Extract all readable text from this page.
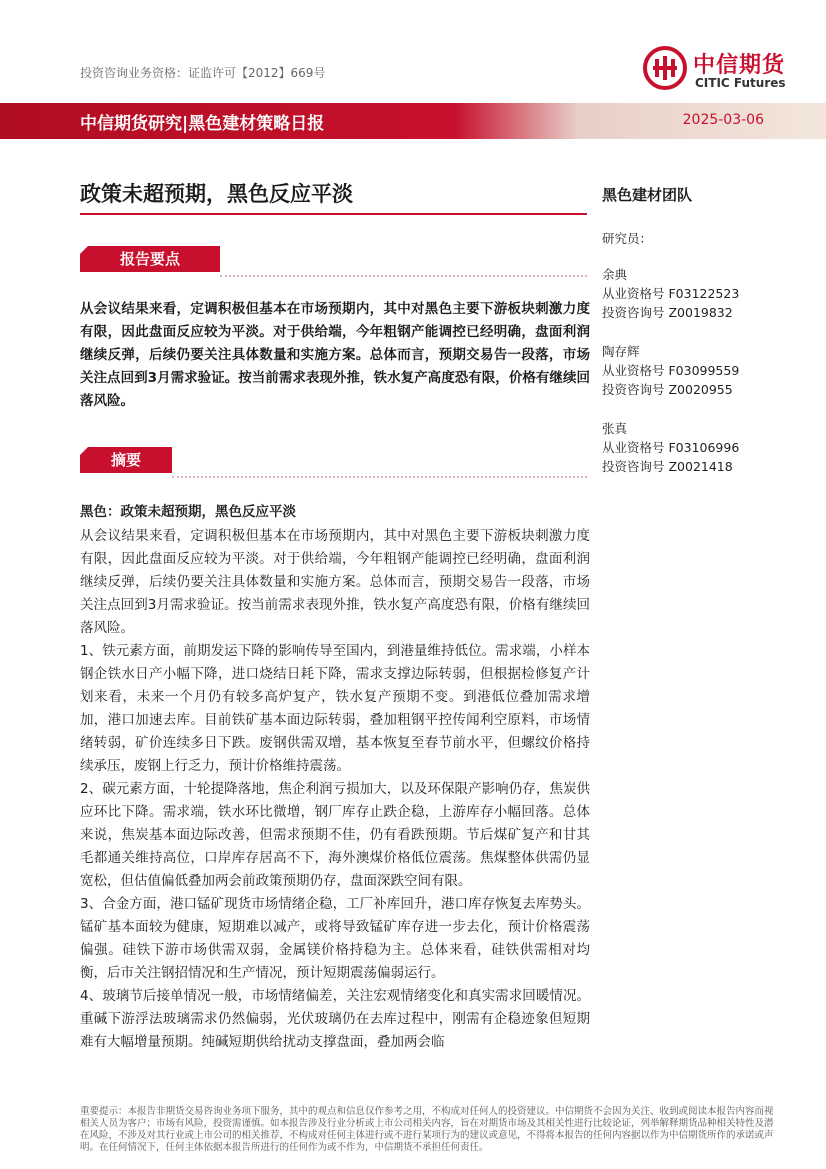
投资咨询业务资格：证监许可【2012】669号	中信期货
CITIC Futures
中信期货研究|黑色建材策略日报	2025-03-06
政策未超预期，黑色反应平淡
报告要点
从会议结果来看，定调积极但基本在市场预期内，其中对黑色主要下游板块刺激力度有限，因此盘面反应较为平淡。对于供给端，今年粗钢产能调控已经明确，盘面利润继续反弹，后续仍要关注具体数量和实施方案。总体而言，预期交易告一段落，市场关注点回到3月需求验证。按当前需求表现外推，铁水复产高度恐有限，价格有继续回落风险。
摘要
黑色：政策未超预期，黑色反应平淡
从会议结果来看，定调积极但基本在市场预期内，其中对黑色主要下游板块刺激力度有限，因此盘面反应较为平淡。对于供给端，今年粗钢产能调控已经明确，盘面利润继续反弹，后续仍要关注具体数量和实施方案。总体而言，预期交易告一段落，市场关注点回到3月需求验证。按当前需求表现外推，铁水复产高度恐有限，价格有继续回落风险。
1、铁元素方面，前期发运下降的影响传导至国内，到港量维持低位。需求端，小样本钢企铁水日产小幅下降，进口烧结日耗下降，需求支撑边际转弱，但根据检修复产计划来看，未来一个月仍有较多高炉复产，铁水复产预期不变。到港低位叠加需求增加，港口加速去库。目前铁矿基本面边际转弱，叠加粗钢平控传闻利空原料，市场情绪转弱，矿价连续多日下跌。废钢供需双增，基本恢复至春节前水平，但螺纹价格持续承压，废钢上行乏力，预计价格维持震荡。
2、碳元素方面，十轮提降落地，焦企利润亏损加大，以及环保限产影响仍存，焦炭供应环比下降。需求端，铁水环比微增，钢厂库存止跌企稳，上游库存小幅回落。总体来说，焦炭基本面边际改善，但需求预期不佳，仍有看跌预期。节后煤矿复产和甘其毛都通关维持高位，口岸库存居高不下，海外澳煤价格低位震荡。焦煤整体供需仍显宽松，但估值偏低叠加两会前政策预期仍存，盘面深跌空间有限。
3、合金方面，港口锰矿现货市场情绪企稳，工厂补库回升，港口库存恢复去库势头。锰矿基本面较为健康，短期难以减产，或将导致锰矿库存进一步去化，预计价格震荡偏强。硅铁下游市场供需双弱，金属镁价格持稳为主。总体来看，硅铁供需相对均衡，后市关注钢招情况和生产情况，预计短期震荡偏弱运行。
4、玻璃节后接单情况一般，市场情绪偏差，关注宏观情绪变化和真实需求回暖情况。重碱下游浮法玻璃需求仍然偏弱，光伏玻璃仍在去库过程中，刚需有企稳迹象但短期难有大幅增量预期。纯碱短期供给扰动支撑盘面，叠加两会临
黑色建材团队
研究员：
余典
从业资格号 F03122523
投资咨询号 Z0019832
陶存辉
从业资格号 F03099559
投资咨询号 Z0020955
张真
从业资格号 F03106996
投资咨询号 Z0021418
重要提示：本报告非期货交易咨询业务项下服务，其中的观点和信息仅作参考之用，不构成对任何人的投资建议。中信期货不会因为关注、收到或阅读本报告内容而视相关人员为客户；市场有风险，投资需谨慎。如本报告涉及行业分析或上市公司相关内容，旨在对期货市场及其相关性进行比较论证，列举解释期货品种相关特性及潜在风险，不涉及对其行业或上市公司的相关推荐，不构成对任何主体进行或不进行某项行为的建议或意见，不得将本报告的任何内容据以作为中信期货所作的承诺或声明。在任何情况下，任何主体依据本报告所进行的任何作为或不作为，中信期货不承担任何责任。
